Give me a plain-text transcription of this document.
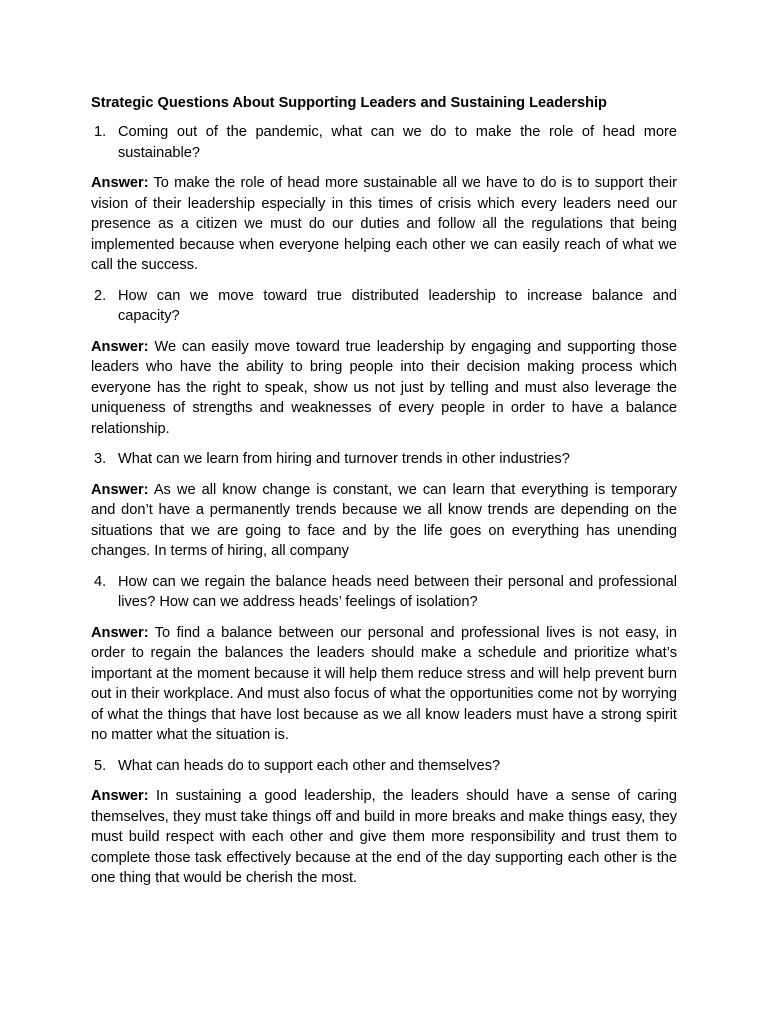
Strategic Questions About Supporting Leaders and Sustaining Leadership
1. Coming out of the pandemic, what can we do to make the role of head more sustainable?
Answer: To make the role of head more sustainable all we have to do is to support their vision of their leadership especially in this times of crisis which every leaders need our presence as a citizen we must do our duties and follow all the regulations that being implemented because when everyone helping each other we can easily reach of what we call the success.
2. How can we move toward true distributed leadership to increase balance and capacity?
Answer: We can easily move toward true leadership by engaging and supporting those leaders who have the ability to bring people into their decision making process which everyone has the right to speak, show us not just by telling and must also leverage the uniqueness of strengths and weaknesses of every people in order to have a balance relationship.
3. What can we learn from hiring and turnover trends in other industries?
Answer: As we all know change is constant, we can learn that everything is temporary and don’t have a permanently trends because we all know trends are depending on the situations that we are going to face and by the life goes on everything has unending changes. In terms of hiring, all company
4. How can we regain the balance heads need between their personal and professional lives? How can we address heads’ feelings of isolation?
Answer: To find a balance between our personal and professional lives is not easy, in order to regain the balances the leaders should make a schedule and prioritize what’s important at the moment because it will help them reduce stress and will help prevent burn out in their workplace. And must also focus of what the opportunities come not by worrying of what the things that have lost because as we all know leaders must have a strong spirit no matter what the situation is.
5. What can heads do to support each other and themselves?
Answer: In sustaining a good leadership, the leaders should have a sense of caring themselves, they must take things off and build in more breaks and make things easy, they must build respect with each other and give them more responsibility and trust them to complete those task effectively because at the end of the day supporting each other is the one thing that would be cherish the most.
